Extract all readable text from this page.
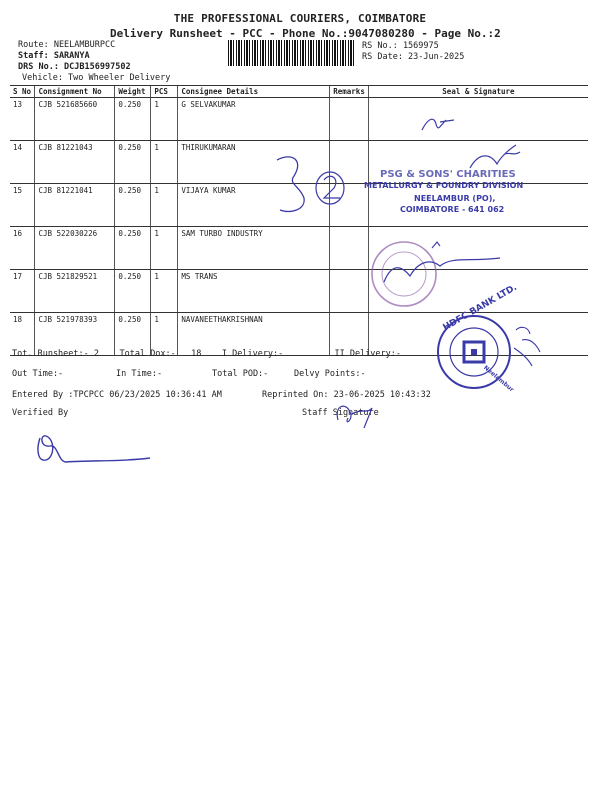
THE PROFESSIONAL COURIERS, COIMBATORE
Delivery Runsheet - PCC - Phone No.:9047080280 - Page No.:2
Route: NEELAMBURPCC
Staff: SARANYA
DRS No.: DCJB156997502
Vehicle: Two Wheeler Delivery
RS No.: 1569975
RS Date: 23-Jun-2025
S No	Consignment No	Weight	PCS	Consignee Details	Remarks	Seal & Signature
13	CJB 521685660	0.250	1	G SELVAKUMAR		
14	CJB 81221043	0.250	1	THIRUKUMARAN		
15	CJB 81221041	0.250	1	VIJAYA KUMAR		
16	CJB 522030226	0.250	1	SAM TURBO INDUSTRY		
17	CJB 521829521	0.250	1	MS TRANS		
18	CJB 521978393	0.250	1	NAVANEETHAKRISHNAN		
Tot. Runsheet:- 2 Total Dox:- 18 I Delivery:-	II Delivery:-
Out Time:-	In Time:-	Total POD:-	Delvy Points:-
Entered By :TPCPCC 06/23/2025 10:36:41 AM	Reprinted On: 23-06-2025 10:43:32
Verified By	Staff Signature
PSG & SONS' CHARITIES
METALLURGY & FOUNDRY DIVISION
NEELAMBUR (PO),
COIMBATORE - 641 062
HDFC BANK LTD.
Neelambur
